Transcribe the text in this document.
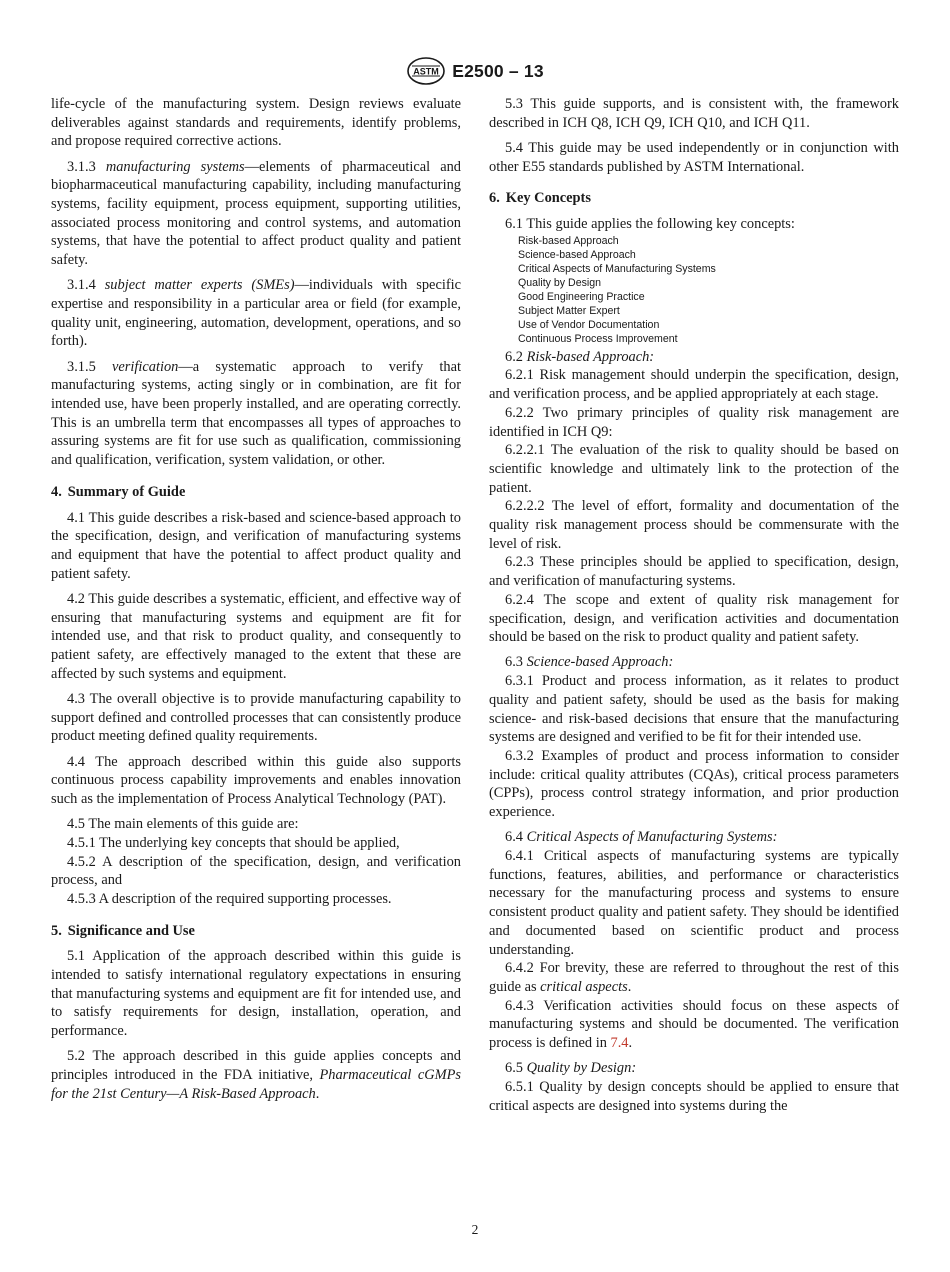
ASTM E2500 – 13

life-cycle of the manufacturing system. Design reviews evaluate deliverables against standards and requirements, identify problems, and propose required corrective actions.

3.1.3 manufacturing systems—elements of pharmaceutical and biopharmaceutical manufacturing capability, including manufacturing systems, facility equipment, process equipment, supporting utilities, associated process monitoring and control systems, and automation systems, that have the potential to affect product quality and patient safety.

3.1.4 subject matter experts (SMEs)—individuals with specific expertise and responsibility in a particular area or field (for example, quality unit, engineering, automation, development, operations, and so forth).

3.1.5 verification—a systematic approach to verify that manufacturing systems, acting singly or in combination, are fit for intended use, have been properly installed, and are operating correctly. This is an umbrella term that encompasses all types of approaches to assuring systems are fit for use such as qualification, commissioning and qualification, verification, system validation, or other.

4. Summary of Guide

4.1 This guide describes a risk-based and science-based approach to the specification, design, and verification of manufacturing systems and equipment that have the potential to affect product quality and patient safety.

4.2 This guide describes a systematic, efficient, and effective way of ensuring that manufacturing systems and equipment are fit for intended use, and that risk to product quality, and consequently to patient safety, are effectively managed to the extent that these are affected by such systems and equipment.

4.3 The overall objective is to provide manufacturing capability to support defined and controlled processes that can consistently produce product meeting defined quality requirements.

4.4 The approach described within this guide also supports continuous process capability improvements and enables innovation such as the implementation of Process Analytical Technology (PAT).

4.5 The main elements of this guide are:

4.5.1 The underlying key concepts that should be applied,

4.5.2 A description of the specification, design, and verification process, and

4.5.3 A description of the required supporting processes.

5. Significance and Use

5.1 Application of the approach described within this guide is intended to satisfy international regulatory expectations in ensuring that manufacturing systems and equipment are fit for intended use, and to satisfy requirements for design, installation, operation, and performance.

5.2 The approach described in this guide applies concepts and principles introduced in the FDA initiative, Pharmaceutical cGMPs for the 21st Century—A Risk-Based Approach.

5.3 This guide supports, and is consistent with, the framework described in ICH Q8, ICH Q9, ICH Q10, and ICH Q11.

5.4 This guide may be used independently or in conjunction with other E55 standards published by ASTM International.

6. Key Concepts

6.1 This guide applies the following key concepts:

Risk-based Approach
Science-based Approach
Critical Aspects of Manufacturing Systems
Quality by Design
Good Engineering Practice
Subject Matter Expert
Use of Vendor Documentation
Continuous Process Improvement

6.2 Risk-based Approach:

6.2.1 Risk management should underpin the specification, design, and verification process, and be applied appropriately at each stage.

6.2.2 Two primary principles of quality risk management are identified in ICH Q9:

6.2.2.1 The evaluation of the risk to quality should be based on scientific knowledge and ultimately link to the protection of the patient.

6.2.2.2 The level of effort, formality and documentation of the quality risk management process should be commensurate with the level of risk.

6.2.3 These principles should be applied to specification, design, and verification of manufacturing systems.

6.2.4 The scope and extent of quality risk management for specification, design, and verification activities and documentation should be based on the risk to product quality and patient safety.

6.3 Science-based Approach:

6.3.1 Product and process information, as it relates to product quality and patient safety, should be used as the basis for making science- and risk-based decisions that ensure that the manufacturing systems are designed and verified to be fit for their intended use.

6.3.2 Examples of product and process information to consider include: critical quality attributes (CQAs), critical process parameters (CPPs), process control strategy information, and prior production experience.

6.4 Critical Aspects of Manufacturing Systems:

6.4.1 Critical aspects of manufacturing systems are typically functions, features, abilities, and performance or characteristics necessary for the manufacturing process and systems to ensure consistent product quality and patient safety. They should be identified and documented based on scientific product and process understanding.

6.4.2 For brevity, these are referred to throughout the rest of this guide as critical aspects.

6.4.3 Verification activities should focus on these aspects of manufacturing systems and should be documented. The verification process is defined in 7.4.

6.5 Quality by Design:

6.5.1 Quality by design concepts should be applied to ensure that critical aspects are designed into systems during the

2
